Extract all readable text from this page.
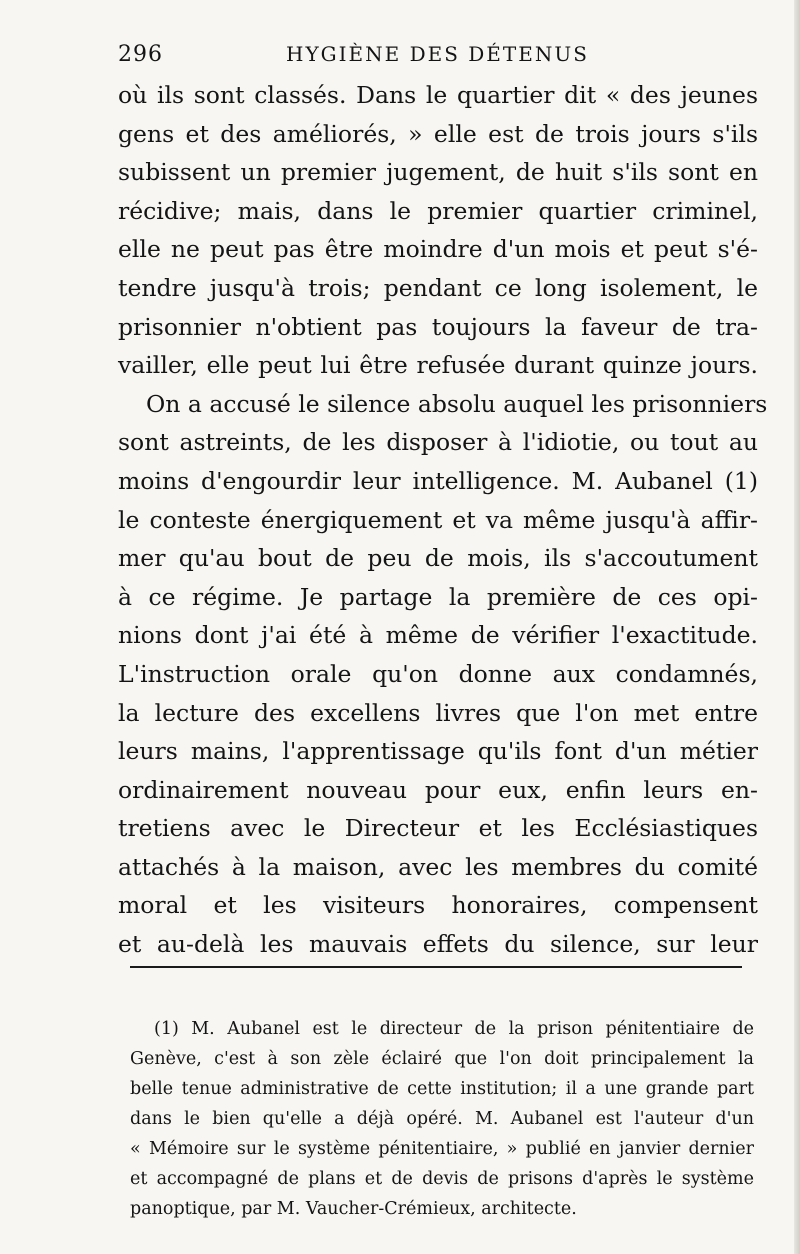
296	HYGIÈNE DES DÉTENUS
où ils sont classés. Dans le quartier dit « des jeunes
gens et des améliorés, » elle est de trois jours s'ils
subissent un premier jugement, de huit s'ils sont en
récidive; mais, dans le premier quartier criminel,
elle ne peut pas être moindre d'un mois et peut s'é-
tendre jusqu'à trois; pendant ce long isolement, le
prisonnier n'obtient pas toujours la faveur de tra-
vailler, elle peut lui être refusée durant quinze jours.
On a accusé le silence absolu auquel les prisonniers
sont astreints, de les disposer à l'idiotie, ou tout au
moins d'engourdir leur intelligence. M. Aubanel (1)
le conteste énergiquement et va même jusqu'à affir-
mer qu'au bout de peu de mois, ils s'accoutument
à ce régime. Je partage la première de ces opi-
nions dont j'ai été à même de vérifier l'exactitude.
L'instruction orale qu'on donne aux condamnés,
la lecture des excellens livres que l'on met entre
leurs mains, l'apprentissage qu'ils font d'un métier
ordinairement nouveau pour eux, enfin leurs en-
tretiens avec le Directeur et les Ecclésiastiques
attachés à la maison, avec les membres du comité
moral et les visiteurs honoraires, compensent
et au-delà les mauvais effets du silence, sur leur
(1) M. Aubanel est le directeur de la prison pénitentiaire de
Genève, c'est à son zèle éclairé que l'on doit principalement la
belle tenue administrative de cette institution; il a une grande part
dans le bien qu'elle a déjà opéré. M. Aubanel est l'auteur d'un
« Mémoire sur le système pénitentiaire, » publié en janvier dernier
et accompagné de plans et de devis de prisons d'après le système
panoptique, par M. Vaucher-Crémieux, architecte.
